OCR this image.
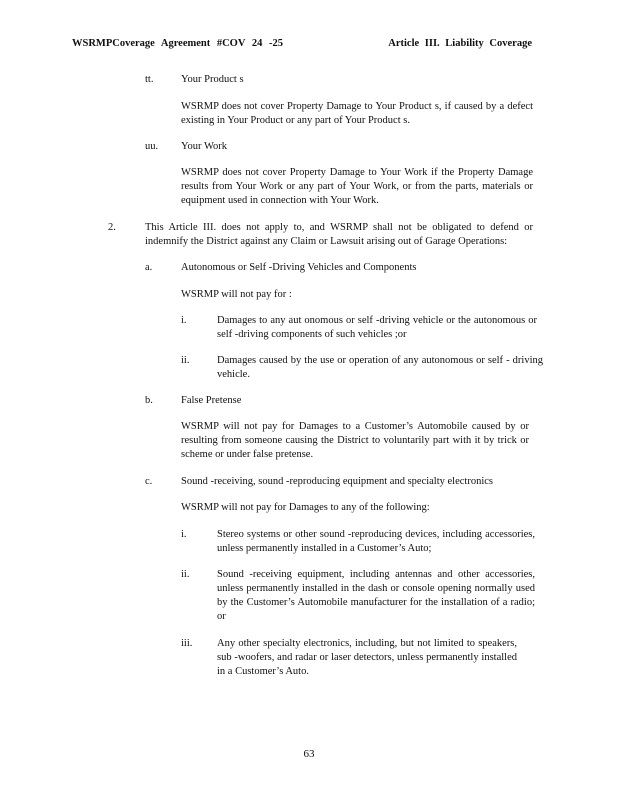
WSRMPCoverage Agreement #COV 24 -25	Article III. Liability Coverage
tt.	Your Product s
WSRMP does not cover Property Damage to Your Product s, if caused by a defect existing in Your Product or any part of Your Product s.
uu. Your Work
WSRMP does not cover Property Damage to Your Work if the Property Damage results from Your Work or any part of Your Work, or from the parts, materials or equipment used in connection with Your Work.
2.	This Article III. does not apply to, and WSRMP shall not be obligated to defend or indemnify the District against any Claim or Lawsuit arising out of Garage Operations:
a.	Autonomous or Self -Driving Vehicles and Components
WSRMP will not pay for :
i.	Damages to any aut onomous or self -driving vehicle or the autonomous or self -driving components of such vehicles ;or
ii.	Damages caused by the use or operation of any autonomous or self - driving vehicle.
b.	False Pretense
WSRMP will not pay for Damages to a Customer’s Automobile caused by or resulting from someone causing the District to voluntarily part with it by trick or scheme or under false pretense.
c.	Sound -receiving, sound -reproducing equipment and specialty electronics
WSRMP will not pay for Damages to any of the following:
i.	Stereo systems or other sound -reproducing devices, including accessories, unless permanently installed in a Customer’s Auto;
ii.	Sound -receiving equipment, including antennas and other accessories, unless permanently installed in the dash or console opening normally used by the Customer’s Automobile manufacturer for the installation of a radio; or
iii. Any other specialty electronics, including, but not limited to speakers, sub -woofers, and radar or laser detectors, unless permanently installed in a Customer’s Auto.
63
